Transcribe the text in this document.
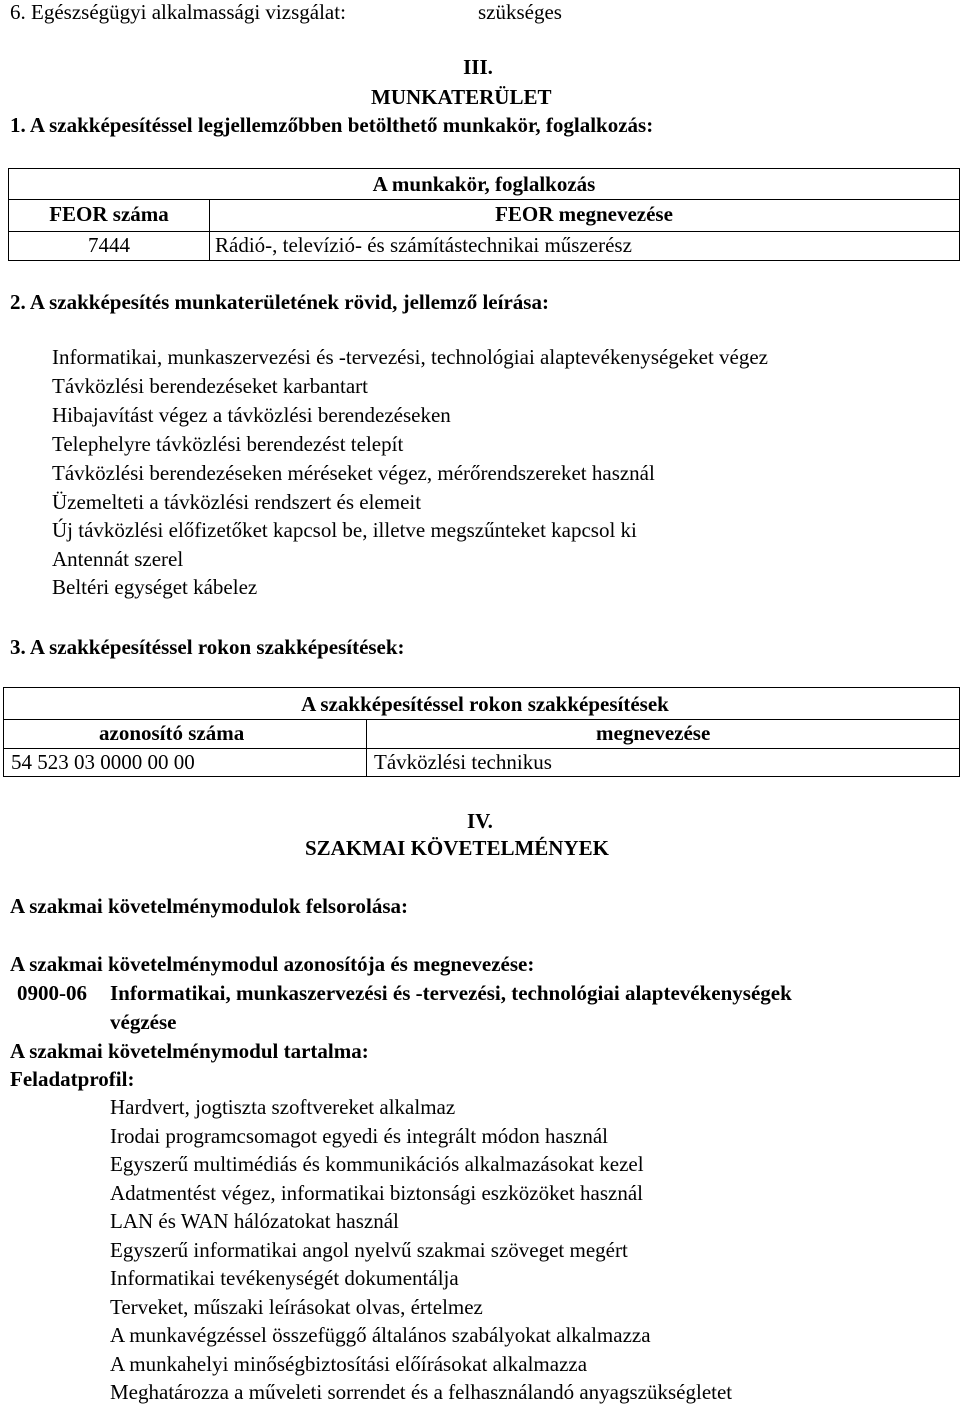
6. Egészségügyi alkalmassági vizsgálat:	szükséges
III.
MUNKATERÜLET
1. A szakképesítéssel legjellemzőbben betölthető munkakör, foglalkozás:
A munkakör, foglalkozás
FEOR száma	FEOR megnevezése
7444	Rádió-, televízió- és számítástechnikai műszerész
2. A szakképesítés munkaterületének rövid, jellemző leírása:
Informatikai, munkaszervezési és -tervezési, technológiai alaptevékenységeket végez
Távközlési berendezéseket karbantart
Hibajavítást végez a távközlési berendezéseken
Telephelyre távközlési berendezést telepít
Távközlési berendezéseken méréseket végez, mérőrendszereket használ
Üzemelteti a távközlési rendszert és elemeit
Új távközlési előfizetőket kapcsol be, illetve megszűnteket kapcsol ki
Antennát szerel
Beltéri egységet kábelez
3. A szakképesítéssel rokon szakképesítések:
A szakképesítéssel rokon szakképesítések
azonosító száma	megnevezése
54 523 03 0000 00 00	Távközlési technikus
IV.
SZAKMAI KÖVETELMÉNYEK
A szakmai követelménymodulok felsorolása:
A szakmai követelménymodul azonosítója és megnevezése:
0900-06 Informatikai, munkaszervezési és -tervezési, technológiai alaptevékenységek
végzése
A szakmai követelménymodul tartalma:
Feladatprofil:
Hardvert, jogtiszta szoftvereket alkalmaz
Irodai programcsomagot egyedi és integrált módon használ
Egyszerű multimédiás és kommunikációs alkalmazásokat kezel
Adatmentést végez, informatikai biztonsági eszközöket használ
LAN és WAN hálózatokat használ
Egyszerű informatikai angol nyelvű szakmai szöveget megért
Informatikai tevékenységét dokumentálja
Terveket, műszaki leírásokat olvas, értelmez
A munkavégzéssel összefüggő általános szabályokat alkalmazza
A munkahelyi minőségbiztosítási előírásokat alkalmazza
Meghatározza a műveleti sorrendet és a felhasználandó anyagszükségletet
